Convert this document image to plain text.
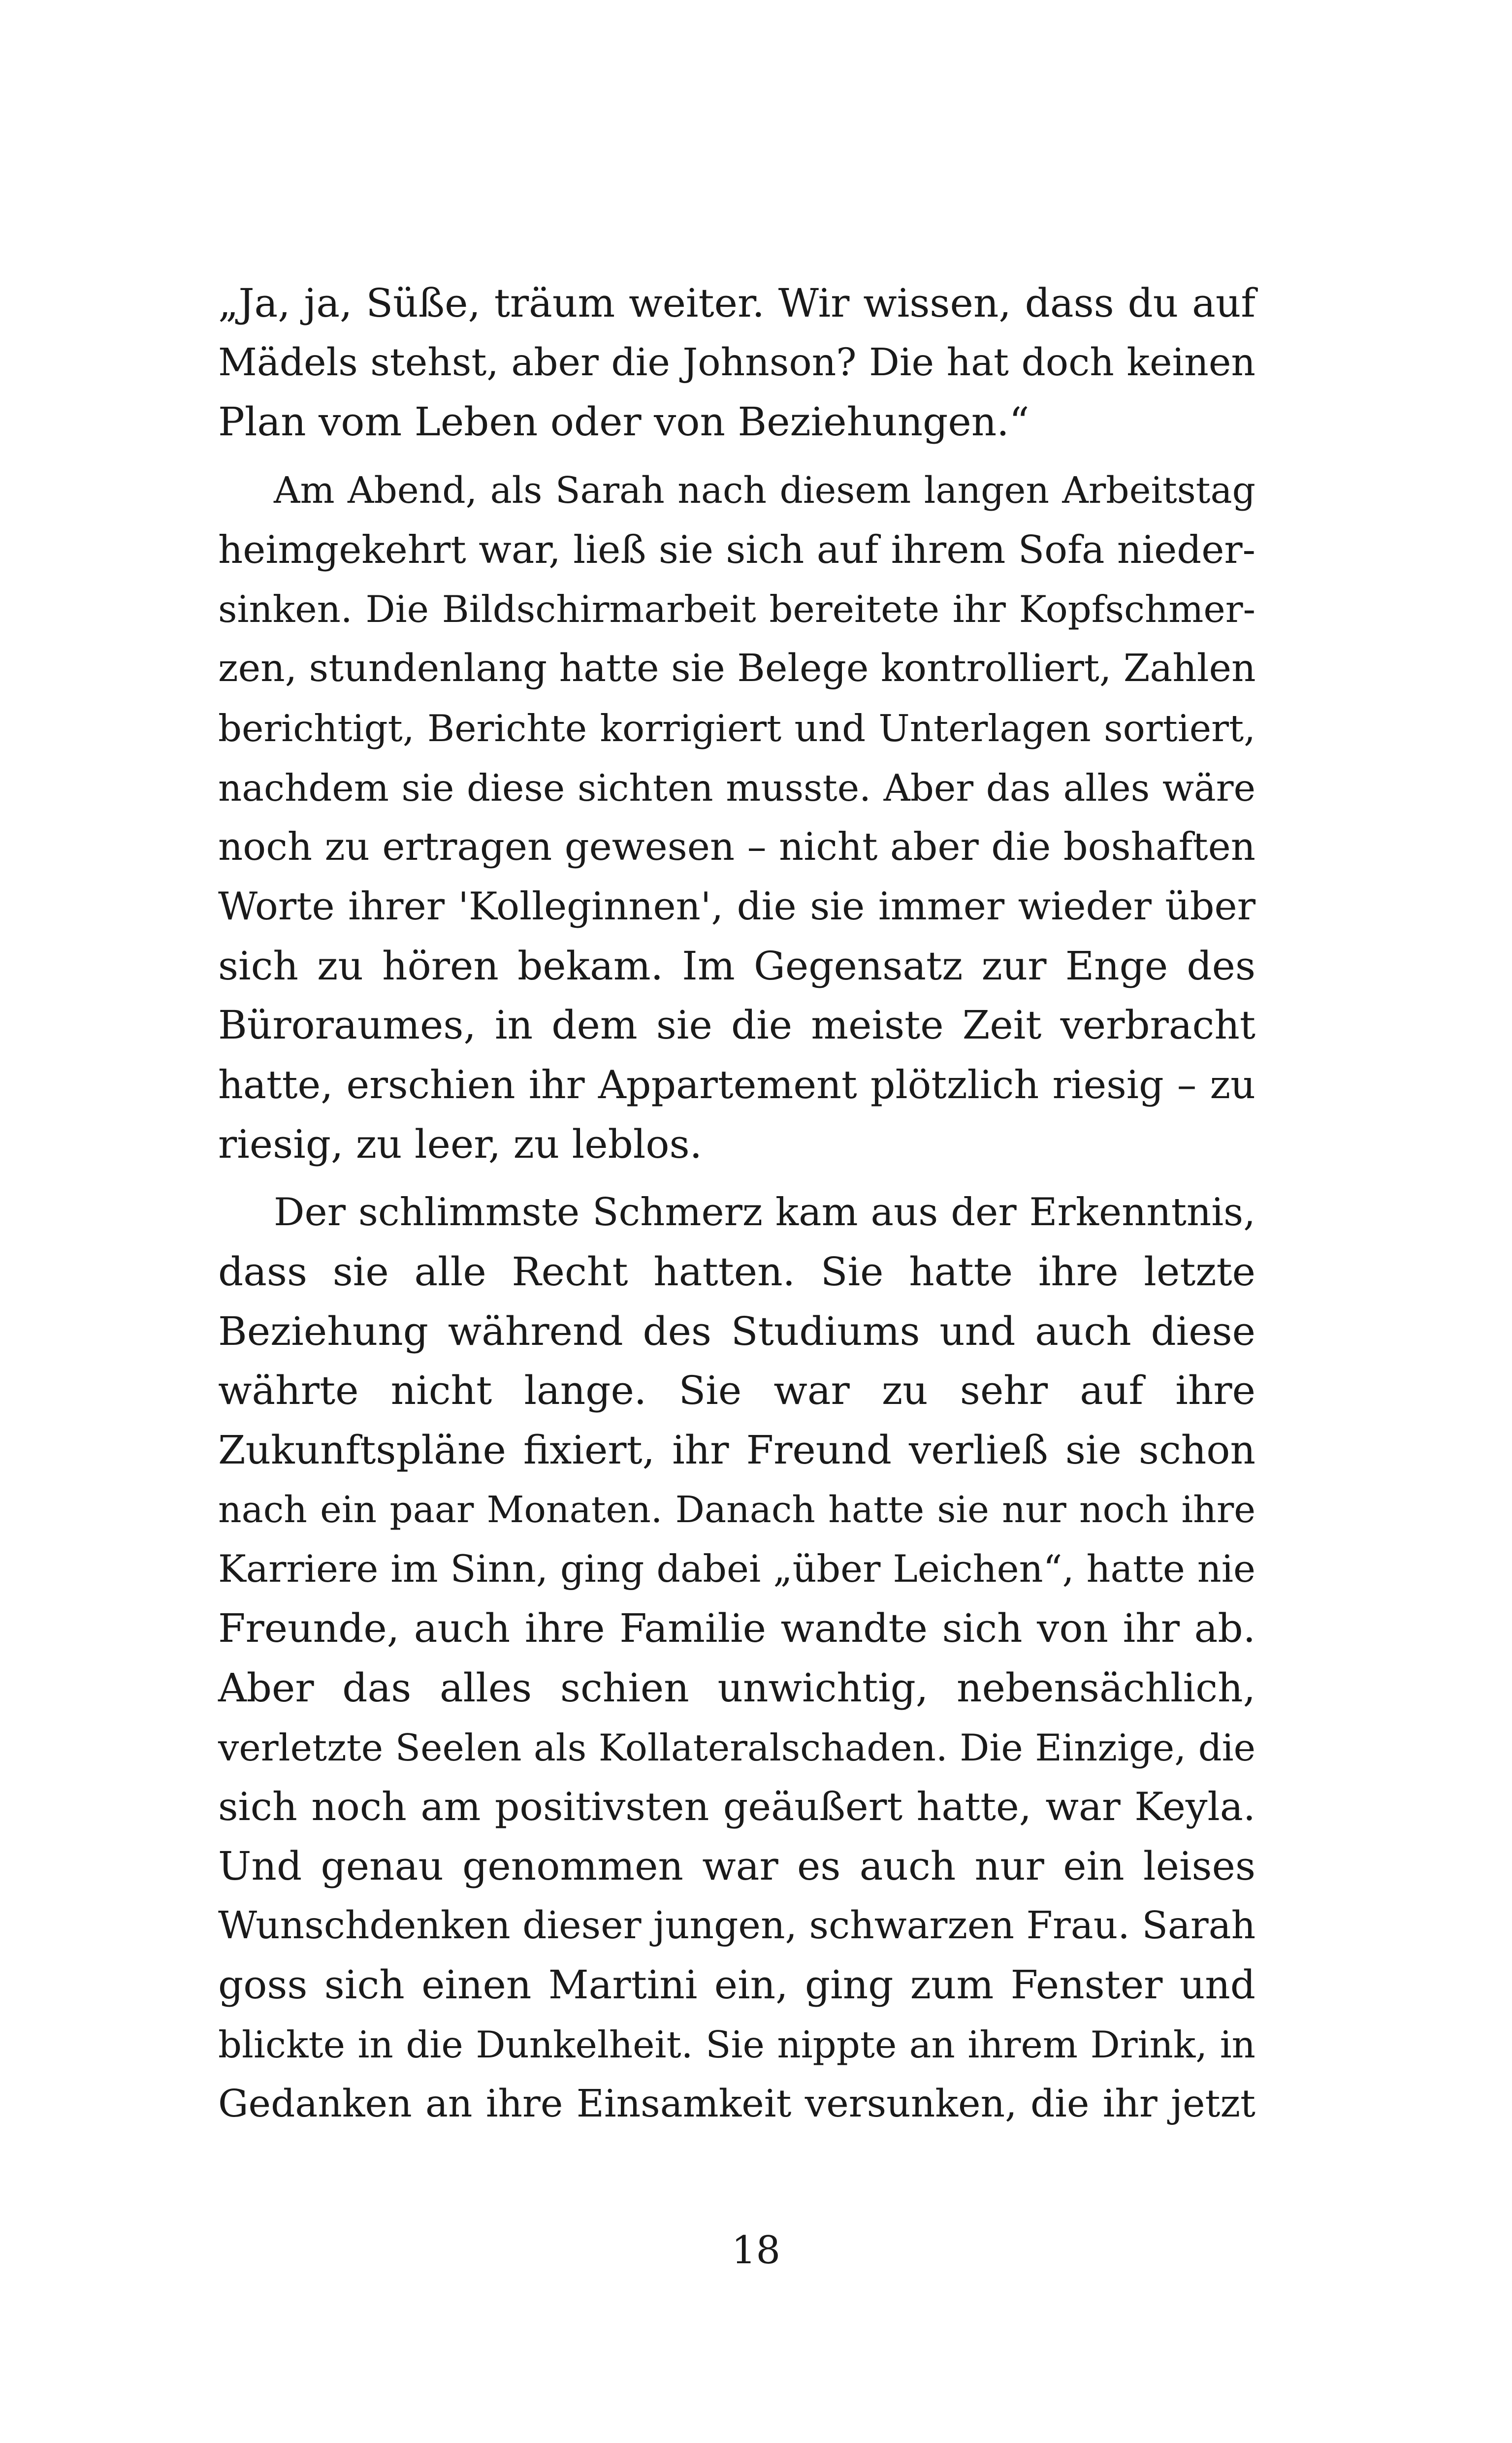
„Ja, ja, Süße, träum weiter. Wir wissen, dass du auf
Mädels stehst, aber die Johnson? Die hat doch keinen
Plan vom Leben oder von Beziehungen.“
Am Abend, als Sarah nach diesem langen Arbeitstag
heimgekehrt war, ließ sie sich auf ihrem Sofa nieder-
sinken. Die Bildschirmarbeit bereitete ihr Kopfschmer-
zen, stundenlang hatte sie Belege kontrolliert, Zahlen
berichtigt, Berichte korrigiert und Unterlagen sortiert,
nachdem sie diese sichten musste. Aber das alles wäre
noch zu ertragen gewesen – nicht aber die boshaften
Worte ihrer 'Kolleginnen', die sie immer wieder über
sich zu hören bekam. Im Gegensatz zur Enge des
Büroraumes, in dem sie die meiste Zeit verbracht
hatte, erschien ihr Appartement plötzlich riesig – zu
riesig, zu leer, zu leblos.
Der schlimmste Schmerz kam aus der Erkenntnis,
dass sie alle Recht hatten. Sie hatte ihre letzte
Beziehung während des Studiums und auch diese
währte nicht lange. Sie war zu sehr auf ihre
Zukunftspläne fixiert, ihr Freund verließ sie schon
nach ein paar Monaten. Danach hatte sie nur noch ihre
Karriere im Sinn, ging dabei „über Leichen“, hatte nie
Freunde, auch ihre Familie wandte sich von ihr ab.
Aber das alles schien unwichtig, nebensächlich,
verletzte Seelen als Kollateralschaden. Die Einzige, die
sich noch am positivsten geäußert hatte, war Keyla.
Und genau genommen war es auch nur ein leises
Wunschdenken dieser jungen, schwarzen Frau. Sarah
goss sich einen Martini ein, ging zum Fenster und
blickte in die Dunkelheit. Sie nippte an ihrem Drink, in
Gedanken an ihre Einsamkeit versunken, die ihr jetzt
18
